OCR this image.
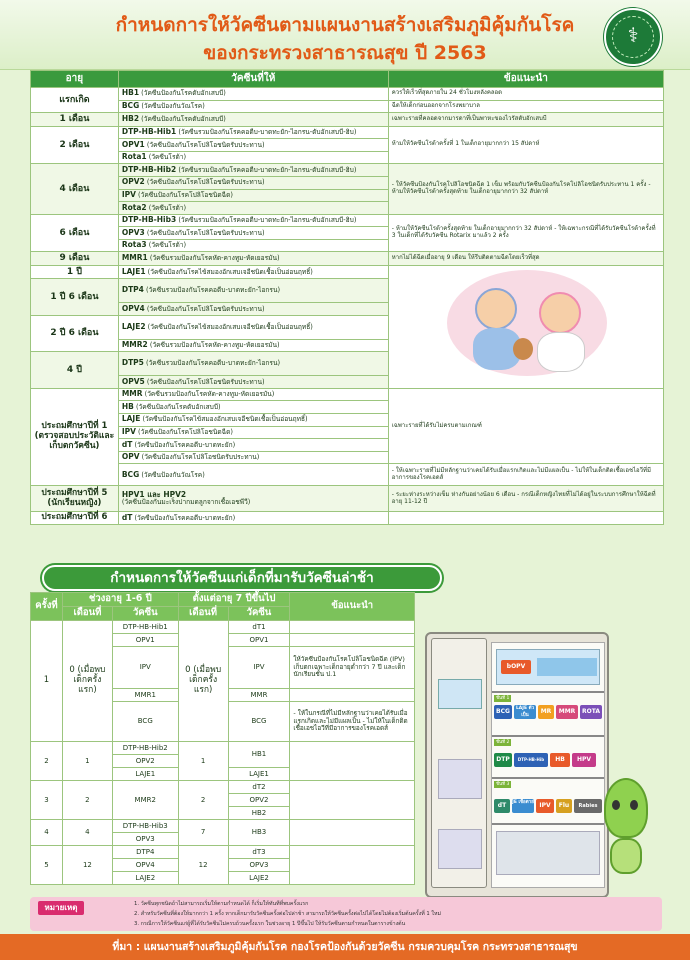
กำหนดการให้วัคซีนตามแผนงานสร้างเสริมภูมิคุ้มกันโรค
ของกระทรวงสาธารณสุข ปี 2563
⚕
อายุ	วัคซีนที่ให้	ข้อแนะนำ
แรกเกิด	HB1 (วัคซีนป้องกันโรคตับอักเสบบี)	ควรให้เร็วที่สุดภายใน 24 ชั่วโมงหลังคลอด
	BCG (วัคซีนป้องกันวัณโรค)	ฉีดให้เด็กก่อนออกจากโรงพยาบาล
1 เดือน	HB2 (วัคซีนป้องกันโรคตับอักเสบบี)	เฉพาะรายที่คลอดจากมารดาที่เป็นพาหะของไวรัสตับอักเสบบี
2 เดือน	DTP-HB-Hib1 (วัคซีนรวมป้องกันโรคคอตีบ-บาดทะยัก-ไอกรน-ตับอักเสบบี-ฮิบ)	ห้ามให้วัคซีนโรต้าครั้งที่ 1 ในเด็กอายุมากกว่า 15 สัปดาห์
	OPV1 (วัคซีนป้องกันโรคโปลิโอชนิดรับประทาน)	
	Rota1 (วัคซีนโรต้า)	
4 เดือน	DTP-HB-Hib2 (วัคซีนรวมป้องกันโรคคอตีบ-บาดทะยัก-ไอกรน-ตับอักเสบบี-ฮิบ)	- ให้วัคซีนป้องกันโรคโปลิโอชนิดฉีด 1 เข็ม พร้อมกับวัคซีนป้องกันโรคโปลิโอชนิดรับประทาน 1 ครั้ง - ห้ามให้วัคซีนโรต้าครั้งสุดท้าย ในเด็กอายุมากกว่า 32 สัปดาห์
	OPV2 (วัคซีนป้องกันโรคโปลิโอชนิดรับประทาน)	
	IPV (วัคซีนป้องกันโรคโปลิโอชนิดฉีด)	
	Rota2 (วัคซีนโรต้า)	
6 เดือน	DTP-HB-Hib3 (วัคซีนรวมป้องกันโรคคอตีบ-บาดทะยัก-ไอกรน-ตับอักเสบบี-ฮิบ)	- ห้ามให้วัคซีนโรต้าครั้งสุดท้าย ในเด็กอายุมากกว่า 32 สัปดาห์ - ให้เฉพาะกรณีที่ได้รับวัคซีนโรต้าครั้งที่ 3 ในเด็กที่ได้รับวัคซีน Rotarix มาแล้ว 2 ครั้ง
	OPV3 (วัคซีนป้องกันโรคโปลิโอชนิดรับประทาน)	
	Rota3 (วัคซีนโรต้า)	
9 เดือน	MMR1 (วัคซีนรวมป้องกันโรคหัด-คางทูม-หัดเยอรมัน)	หากไม่ได้ฉีดเมื่ออายุ 9 เดือน ให้รีบติดตามฉีดโดยเร็วที่สุด
1 ปี	LAJE1 (วัคซีนป้องกันโรคไข้สมองอักเสบเจอีชนิดเชื้อเป็นอ่อนฤทธิ์)	

1 ปี 6 เดือน	DTP4 (วัคซีนรวมป้องกันโรคคอตีบ-บาดทะยัก-ไอกรน)	
	OPV4 (วัคซีนป้องกันโรคโปลิโอชนิดรับประทาน)	
2 ปี 6 เดือน	LAJE2 (วัคซีนป้องกันโรคไข้สมองอักเสบเจอีชนิดเชื้อเป็นอ่อนฤทธิ์)	
	MMR2 (วัคซีนรวมป้องกันโรคหัด-คางทูม-หัดเยอรมัน)	
4 ปี	DTP5 (วัคซีนรวมป้องกันโรคคอตีบ-บาดทะยัก-ไอกรน)	
	OPV5 (วัคซีนป้องกันโรคโปลิโอชนิดรับประทาน)	
ประถมศึกษาปีที่ 1 (ตรวจสอบประวัติและเก็บตกวัคซีน)	MMR (วัคซีนรวมป้องกันโรคหัด-คางทูม-หัดเยอรมัน)	เฉพาะรายที่ได้รับไม่ครบตามเกณฑ์
	HB (วัคซีนป้องกันโรคตับอักเสบบี)	
	LAJE (วัคซีนป้องกันโรคไข้สมองอักเสบเจอีชนิดเชื้อเป็นอ่อนฤทธิ์)	
	IPV (วัคซีนป้องกันโรคโปลิโอชนิดฉีด)	
	dT (วัคซีนป้องกันโรคคอตีบ-บาดทะยัก)	
	OPV (วัคซีนป้องกันโรคโปลิโอชนิดรับประทาน)	
	BCG (วัคซีนป้องกันวัณโรค)	- ให้เฉพาะรายที่ไม่มีหลักฐานว่าเคยได้รับเมื่อแรกเกิดและไม่มีแผลเป็น - ไม่ให้ในเด็กติดเชื้อเอชไอวีที่มีอาการของโรคเอดส์
ประถมศึกษาปีที่ 5 (นักเรียนหญิง)	HPV1 และ HPV2
(วัคซีนป้องกันมะเร็งปากมดลูกจากเชื้อเอชพีวี)	- ระยะห่างระหว่างเข็ม ห่างกันอย่างน้อย 6 เดือน - กรณีเด็กหญิงไทยที่ไม่ได้อยู่ในระบบการศึกษาให้ฉีดที่อายุ 11-12 ปี
ประถมศึกษาปีที่ 6	dT (วัคซีนป้องกันโรคคอตีบ-บาดทะยัก)	
กำหนดการให้วัคซีนแก่เด็กที่มารับวัคซีนล่าช้า
ครั้งที่	ช่วงอายุ 1-6 ปี		ตั้งแต่อายุ 7 ปีขึ้นไป		ข้อแนะนำ
	เดือนที่	วัคซีน	เดือนที่	วัคซีน	
1	0 (เมื่อพบเด็กครั้งแรก)	DTP-HB-Hib1	0 (เมื่อพบเด็กครั้งแรก)	dT1	
		OPV1		OPV1	
		IPV		IPV	ให้วัคซีนป้องกันโรคโปลิโอชนิดฉีด (IPV) เก็บตกเฉพาะเด็กอายุต่ำกว่า 7 ปี และเด็กนักเรียนชั้น ป.1
		MMR1		MMR	
		BCG		BCG	- ให้ในกรณีที่ไม่มีหลักฐานว่าเคยได้รับเมื่อแรกเกิดและไม่มีแผลเป็น - ไม่ให้ในเด็กติดเชื้อเอชไอวีที่มีอาการของโรคเอดส์
2	1	DTP-HB-Hib2	1	HB1	
		OPV2			
		LAJE1		LAJE1	
3	2	MMR2	2	dT2	
				OPV2	
				HB2	
4	4	DTP-HB-Hib3	7	HB3	
		OPV3			
5	12	DTP4	12	dT3	
		OPV4		OPV3	
		LAJE2		LAJE2	
bOPV
ชั้นที่ 1
BCG	LAJE ตัวเป็น
MR	MMR	ROTA
ชั้นที่ 2
DTP	DTP-HB-Hib	HB	HPV
ชั้นที่ 3
dT	JE เชื้อตาย IPV	Flu	Rabies
หมายเหตุ	1. วัคซีนทุกชนิดถ้าไม่สามารถเริ่มให้ตามกำหนดได้ ก็เริ่มให้ทันทีที่พบครั้งแรก
2. สำหรับวัคซีนที่ต้องให้มากกว่า 1 ครั้ง หากเด็กมารับวัคซีนครั้งต่อไปล่าช้า สามารถให้วัคซีนครั้งต่อไปได้โดยไม่ต้องเริ่มต้นครั้งที่ 1 ใหม่
3. กรณีการให้วัคซีนแก่ผู้ที่ได้รับวัคซีนไม่ครบถ้วนครั้งแรก ในช่วงอายุ 1 ปีขึ้นไป ให้รับวัคซีนตามกำหนดในตารางข้างต้น
ที่มา : แผนงานสร้างเสริมภูมิคุ้มกันโรค กองโรคป้องกันด้วยวัคซีน กรมควบคุมโรค กระทรวงสาธารณสุข
